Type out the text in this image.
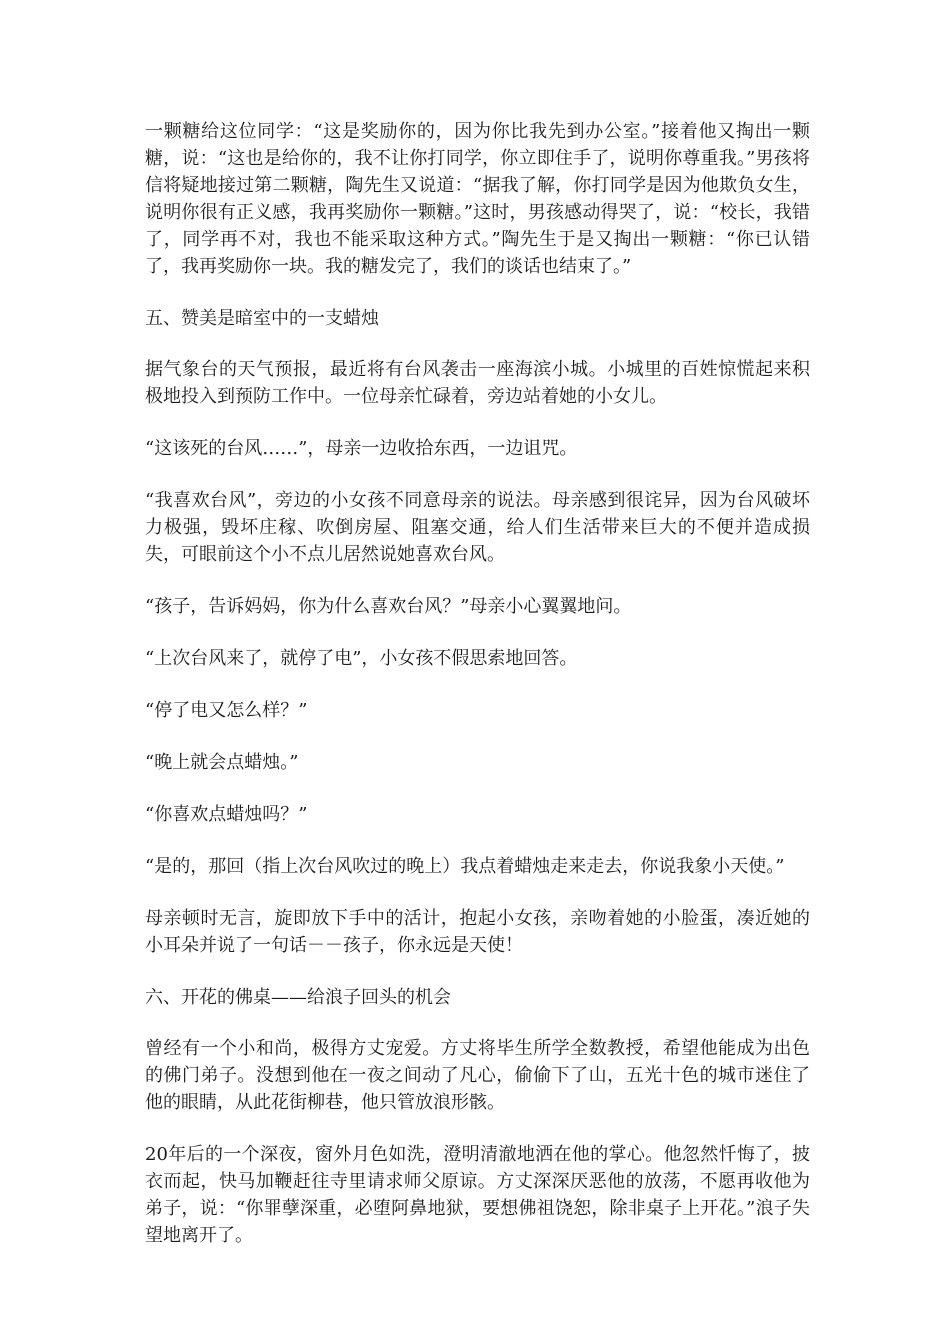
一颗糖给这位同学：“这是奖励你的，因为你比我先到办公室。”接着他又掏出一颗糖，说：“这也是给你的，我不让你打同学，你立即住手了，说明你尊重我。”男孩将信将疑地接过第二颗糖，陶先生又说道：“据我了解，你打同学是因为他欺负女生，说明你很有正义感，我再奖励你一颗糖。”这时，男孩感动得哭了，说：“校长，我错了，同学再不对，我也不能采取这种方式。”陶先生于是又掏出一颗糖：“你已认错了，我再奖励你一块。我的糖发完了，我们的谈话也结束了。”

五、赞美是暗室中的一支蜡烛

据气象台的天气预报，最近将有台风袭击一座海滨小城。小城里的百姓惊慌起来积极地投入到预防工作中。一位母亲忙碌着，旁边站着她的小女儿。

“这该死的台风……”，母亲一边收拾东西，一边诅咒。

“我喜欢台风”，旁边的小女孩不同意母亲的说法。母亲感到很诧异，因为台风破坏力极强，毁坏庄稼、吹倒房屋、阻塞交通，给人们生活带来巨大的不便并造成损失，可眼前这个小不点儿居然说她喜欢台风。

“孩子，告诉妈妈，你为什么喜欢台风？”母亲小心翼翼地问。

“上次台风来了，就停了电”，小女孩不假思索地回答。

“停了电又怎么样？”

“晚上就会点蜡烛。”

“你喜欢点蜡烛吗？”

“是的，那回（指上次台风吹过的晚上）我点着蜡烛走来走去，你说我象小天使。”

母亲顿时无言，旋即放下手中的活计，抱起小女孩，亲吻着她的小脸蛋，凑近她的小耳朵并说了一句话－－孩子，你永远是天使！

六、开花的佛桌——给浪子回头的机会

曾经有一个小和尚，极得方丈宠爱。方丈将毕生所学全数教授，希望他能成为出色的佛门弟子。没想到他在一夜之间动了凡心，偷偷下了山，五光十色的城市迷住了他的眼睛，从此花街柳巷，他只管放浪形骸。

20年后的一个深夜，窗外月色如洗，澄明清澈地洒在他的掌心。他忽然忏悔了，披衣而起，快马加鞭赶往寺里请求师父原谅。方丈深深厌恶他的放荡，不愿再收他为弟子，说：“你罪孽深重，必堕阿鼻地狱，要想佛祖饶恕，除非桌子上开花。”浪子失望地离开了。
